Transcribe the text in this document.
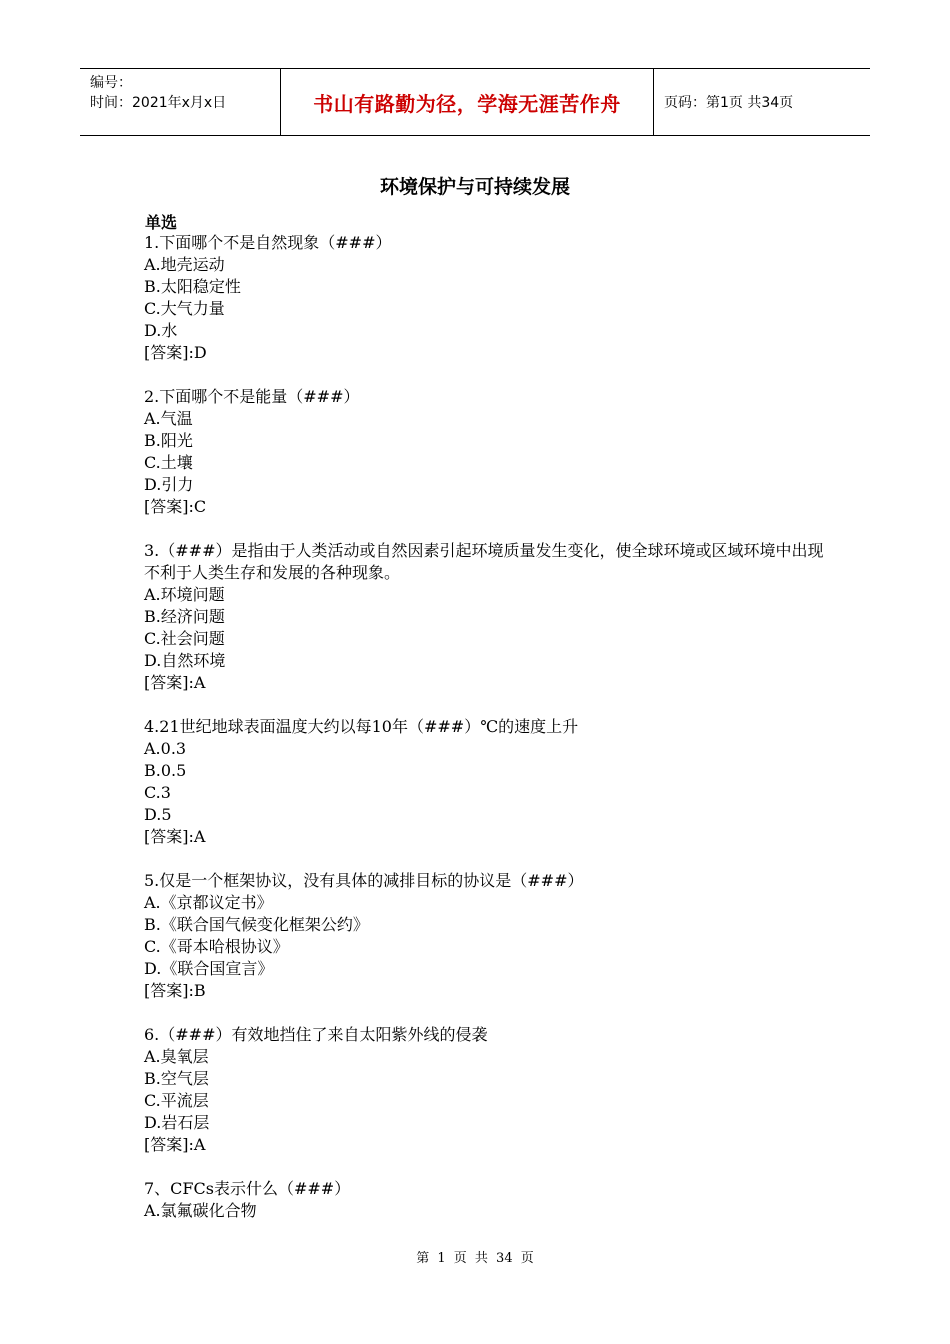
编号：
时间：2021年x月x日	书山有路勤为径，学海无涯苦作舟	页码：第1页 共34页
环境保护与可持续发展
单选
1.下面哪个不是自然现象（###）
A.地壳运动
B.太阳稳定性
C.大气力量
D.水
[答案]:D
2.下面哪个不是能量（###）
A.气温
B.阳光
C.土壤
D.引力
[答案]:C
3.（###）是指由于人类活动或自然因素引起环境质量发生变化，使全球环境或区域环境中出现不利于人类生存和发展的各种现象。
A.环境问题
B.经济问题
C.社会问题
D.自然环境
[答案]:A
4.21世纪地球表面温度大约以每10年（###）℃的速度上升
A.0.3
B.0.5
C.3
D.5
[答案]:A
5.仅是一个框架协议，没有具体的减排目标的协议是（###）
A.《京都议定书》
B.《联合国气候变化框架公约》
C.《哥本哈根协议》
D.《联合国宣言》
[答案]:B
6.（###）有效地挡住了来自太阳紫外线的侵袭
A.臭氧层
B.空气层
C.平流层
D.岩石层
[答案]:A
7、CFCs表示什么（###）
A.氯氟碳化合物
第 1 页 共 34 页
